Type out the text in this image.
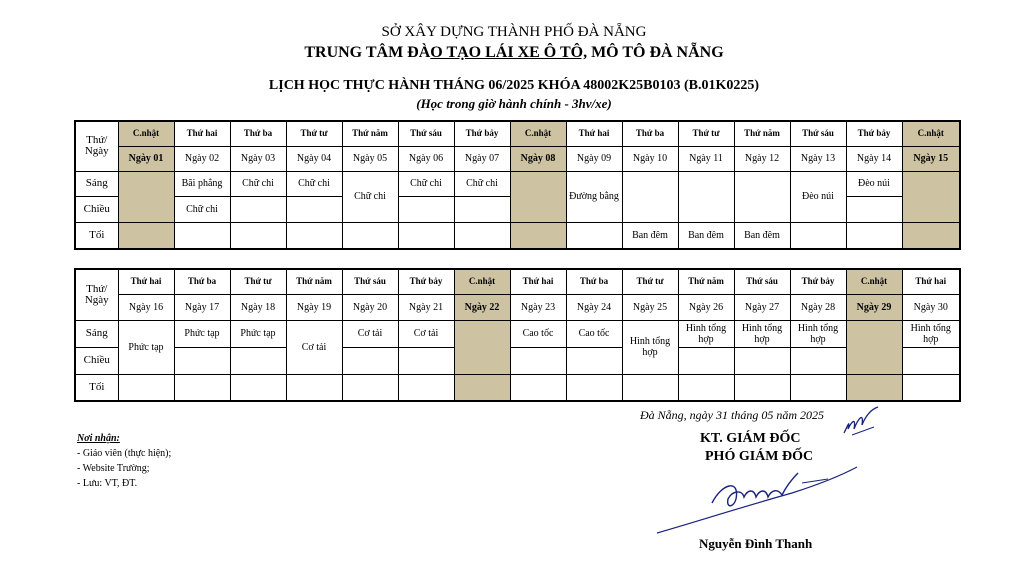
SỞ XÂY DỰNG THÀNH PHỐ ĐÀ NẴNG
TRUNG TÂM ĐÀO TẠO LÁI XE Ô TÔ, MÔ TÔ ĐÀ NẴNG
LỊCH HỌC THỰC HÀNH THÁNG 06/2025 KHÓA 48002K25B0103 (B.01K0225)
(Học trong giờ hành chính - 3hv/xe)
Thứ/
Ngày	C.nhật	Thứ hai	Thứ ba	Thứ tư	Thứ năm	Thứ sáu	Thứ bảy	C.nhật	Thứ hai	Thứ ba	Thứ tư	Thứ năm	Thứ sáu	Thứ bảy	C.nhật
	Ngày 01	Ngày 02	Ngày 03	Ngày 04	Ngày 05	Ngày 06	Ngày 07	Ngày 08	Ngày 09	Ngày 10	Ngày 11	Ngày 12	Ngày 13	Ngày 14	Ngày 15
Sáng		Bãi phẳng	Chữ chi	Chữ chi	Chữ chi	Chữ chi	Chữ chi		Đường bằng				Đèo núi	Đèo núi	
Chiều		Chữ chi													
Tối										Ban đêm	Ban đêm	Ban đêm			
Thứ/
Ngày	Thứ hai	Thứ ba	Thứ tư	Thứ năm	Thứ sáu	Thứ bảy	C.nhật	Thứ hai	Thứ ba	Thứ tư	Thứ năm	Thứ sáu	Thứ bảy	C.nhật	Thứ hai
	Ngày 16	Ngày 17	Ngày 18	Ngày 19	Ngày 20	Ngày 21	Ngày 22	Ngày 23	Ngày 24	Ngày 25	Ngày 26	Ngày 27	Ngày 28	Ngày 29	Ngày 30
Sáng	Phức tạp	Phức tạp	Phức tạp	Cơ tải	Cơ tải	Cơ tải		Cao tốc	Cao tốc	Hình tổng hợp	Hình tổng hợp	Hình tổng hợp	Hình tổng hợp		Hình tổng hợp
Chiều															
Tối															
Đà Nẵng, ngày 31 tháng 05 năm 2025
KT. GIÁM ĐỐC
PHÓ GIÁM ĐỐC
Nguyễn Đình Thanh
Nơi nhận:
- Giáo viên (thực hiện);
- Website Trường;
- Lưu: VT, ĐT.
